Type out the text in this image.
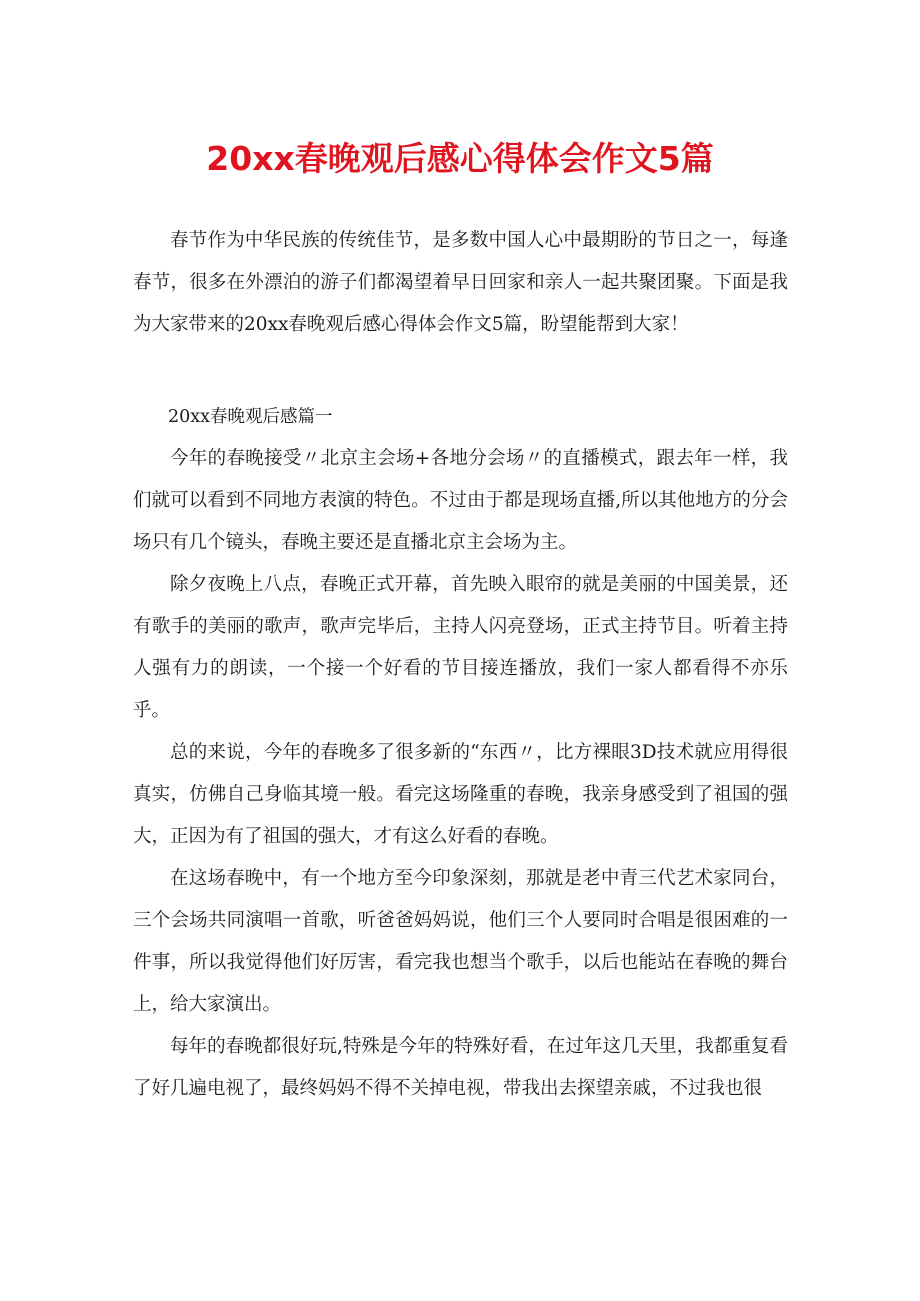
20xx春晚观后感心得体会作文5篇

春节作为中华民族的传统佳节，是多数中国人心中最期盼的节日之一，每逢春节，很多在外漂泊的游子们都渴望着早日回家和亲人一起共聚团聚。下面是我为大家带来的20xx春晚观后感心得体会作文5篇，盼望能帮到大家！

20xx春晚观后感篇一

今年的春晚接受〃北京主会场+各地分会场〃的直播模式，跟去年一样，我们就可以看到不同地方表演的特色。不过由于都是现场直播,所以其他地方的分会场只有几个镜头，春晚主要还是直播北京主会场为主。

除夕夜晚上八点，春晚正式开幕，首先映入眼帘的就是美丽的中国美景，还有歌手的美丽的歌声，歌声完毕后，主持人闪亮登场，正式主持节目。听着主持人强有力的朗读，一个接一个好看的节目接连播放，我们一家人都看得不亦乐乎。

总的来说，今年的春晚多了很多新的“东西〃，比方裸眼3D技术就应用得很真实，仿佛自己身临其境一般。看完这场隆重的春晚，我亲身感受到了祖国的强大，正因为有了祖国的强大，才有这么好看的春晚。

在这场春晚中，有一个地方至今印象深刻，那就是老中青三代艺术家同台，三个会场共同演唱一首歌，听爸爸妈妈说，他们三个人要同时合唱是很困难的一件事，所以我觉得他们好厉害，看完我也想当个歌手，以后也能站在春晚的舞台上，给大家演出。

每年的春晚都很好玩,特殊是今年的特殊好看，在过年这几天里，我都重复看了好几遍电视了，最终妈妈不得不关掉电视，带我出去探望亲戚，不过我也很
